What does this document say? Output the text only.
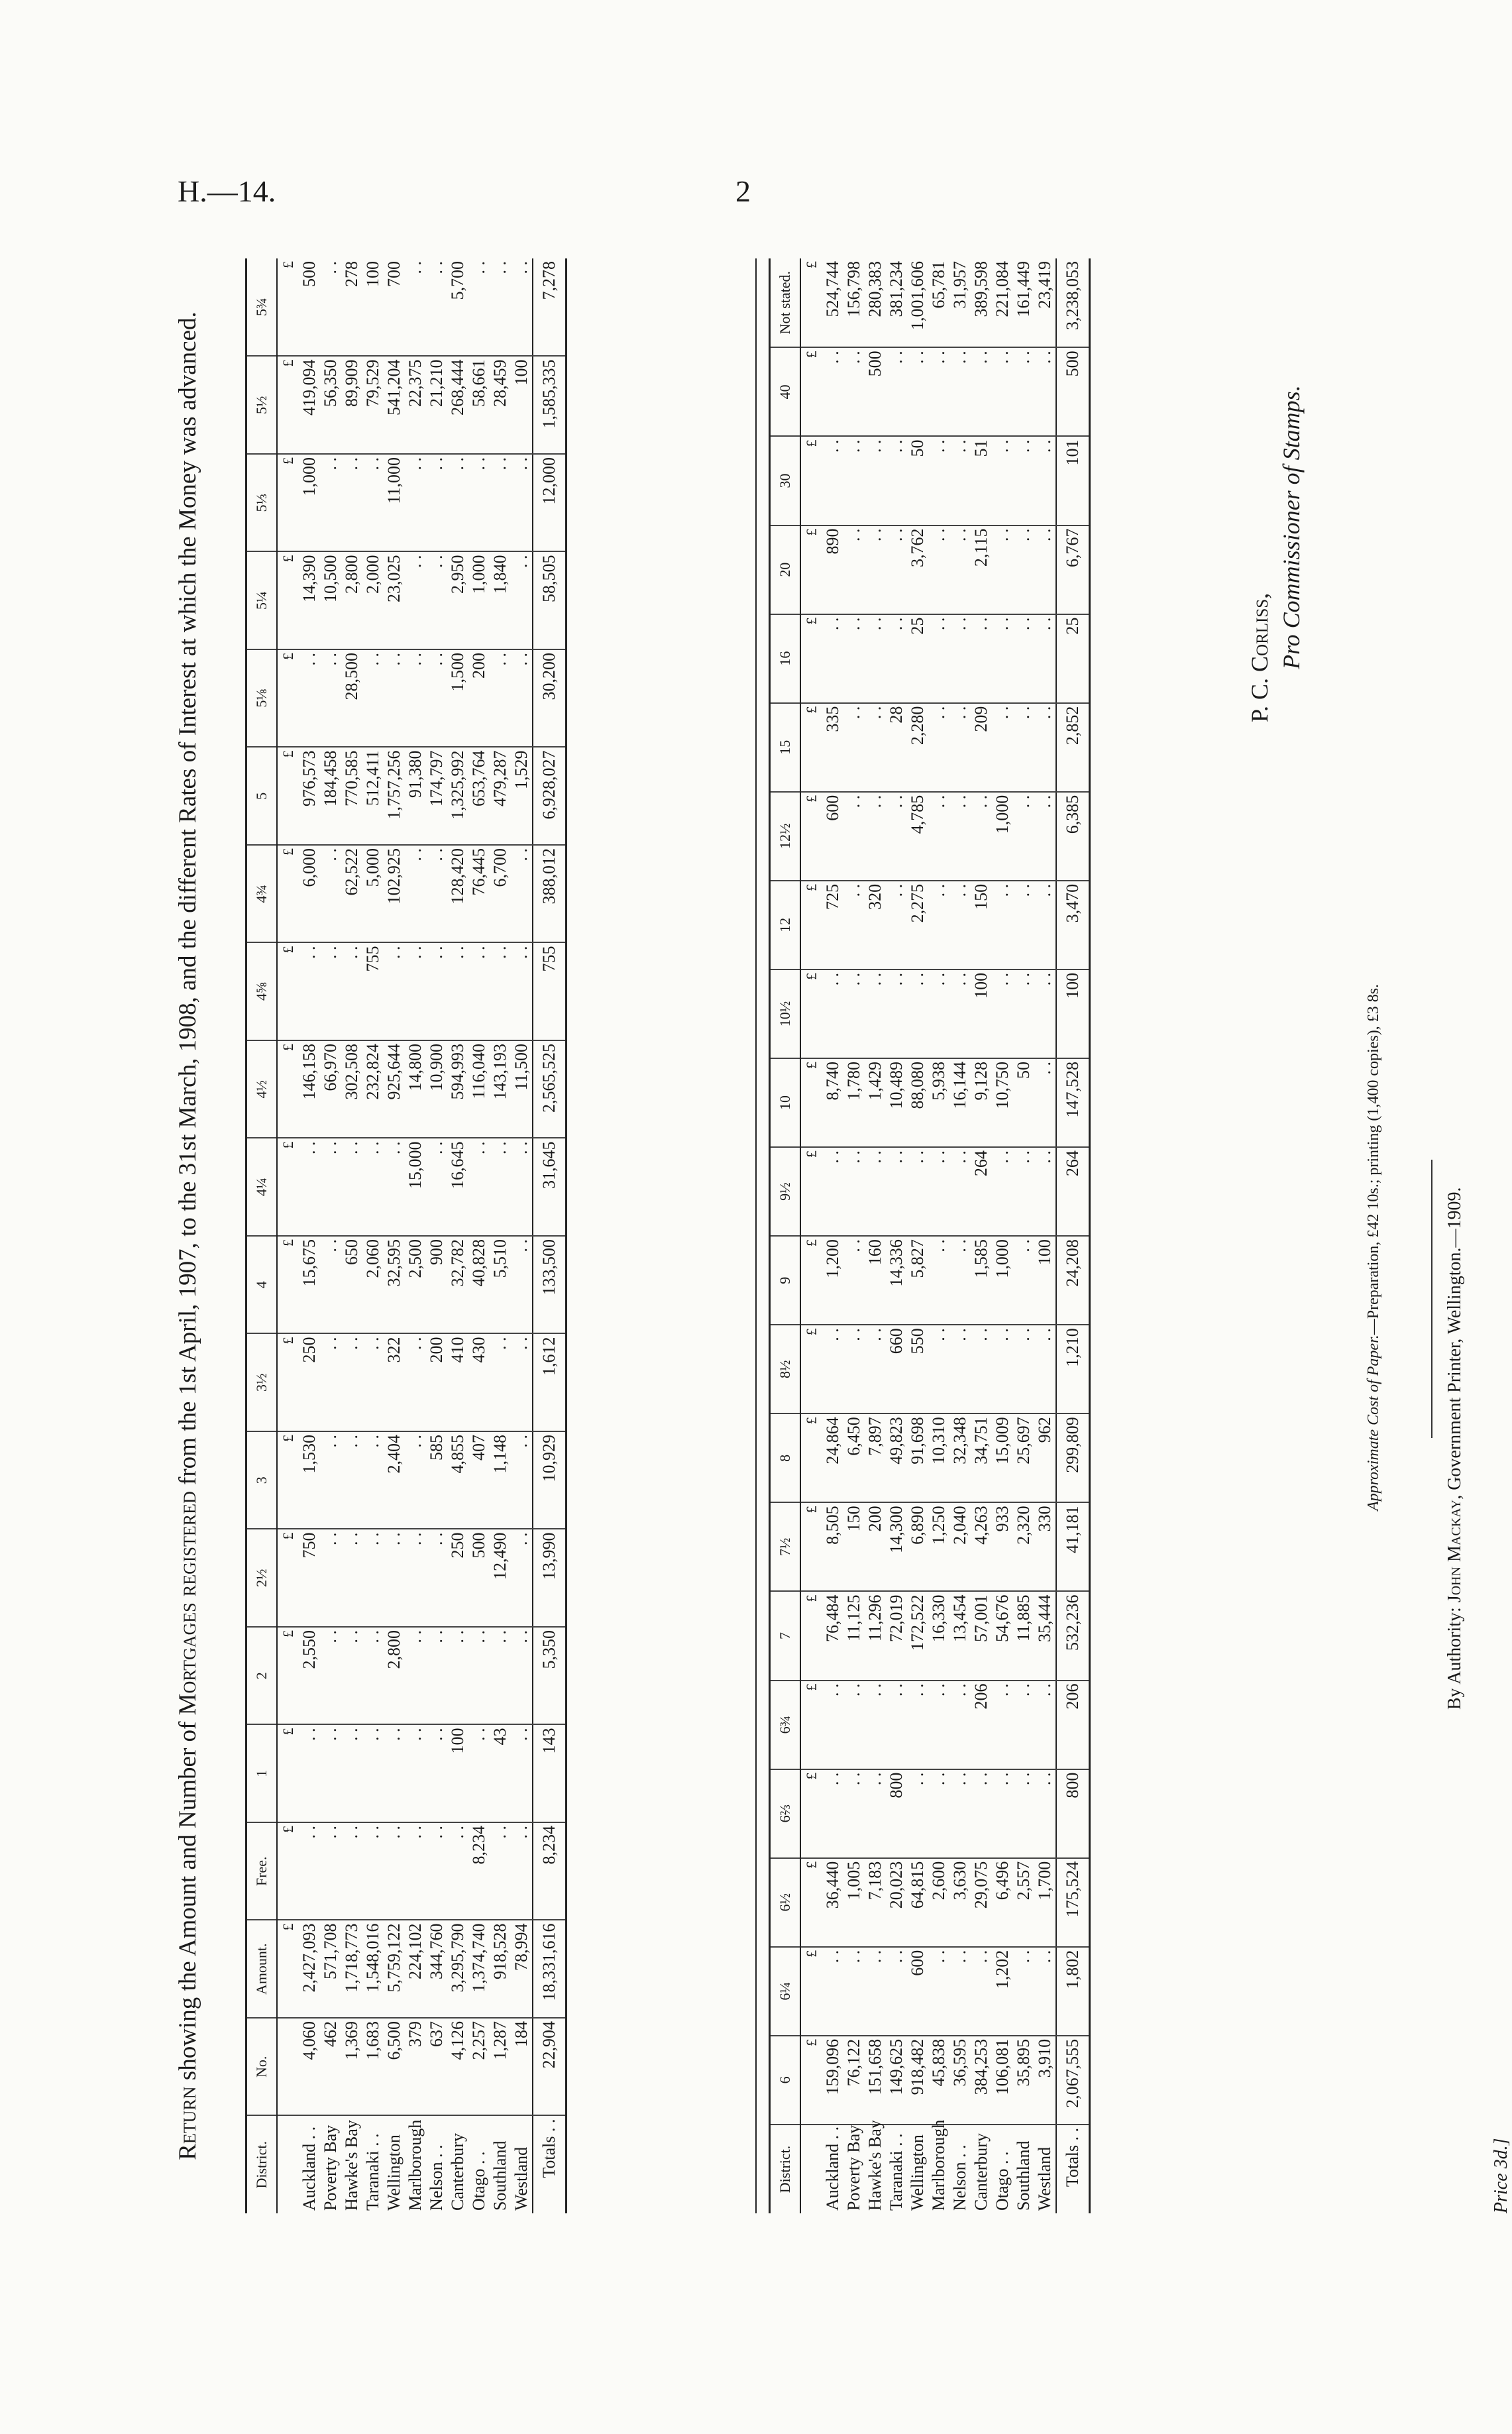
H.—14.	2
Return showing the Amount and Number of Mortgages registered from the 1st April, 1907, to the 31st March, 1908, and the different Rates of Interest at which the Money was advanced.
District.	No.	Amount.	Free.	1	2	2½	3	3½	4	4¼	4½	4⅝	4¾	5	5⅛	5¼	5⅓	5½	5¾
		£	£	£	£	£	£	£	£	£	£	£	£	£	£	£	£	£	£
Auckland . .	4,060	2,427,093	. .	. .	2,550	750	1,530	250	15,675	. .	146,158	. .	6,000	976,573	. .	14,390	1,000	419,094	500
Poverty Bay	462	571,708	. .	. .	. .	. .	. .	. .	. .	. .	66,970	. .	. .	184,458	. .	10,500	. .	56,350	. .
Hawke's Bay	1,369	1,718,773	. .	. .	. .	. .	. .	. .	650	. .	302,508	. .	62,522	770,585	28,500	2,800	. .	89,909	278
Taranaki . .	1,683	1,548,016	. .	. .	. .	. .	. .	. .	2,060	. .	232,824	755	5,000	512,411	. .	2,000	. .	79,529	100
Wellington	6,500	5,759,122	. .	. .	2,800	. .	2,404	322	32,595	. .	925,644	. .	102,925	1,757,256	. .	23,025	11,000	541,204	700
Marlborough	379	224,102	. .	. .	. .	. .	. .	. .	2,500	15,000	14,800	. .	. .	91,380	. .	. .	. .	22,375	. .
Nelson . .	637	344,760	. .	. .	. .	. .	585	200	900	. .	10,900	. .	. .	174,797	. .	. .	. .	21,210	. .
Canterbury	4,126	3,295,790	. .	100	. .	250	4,855	410	32,782	16,645	594,993	. .	128,420	1,325,992	1,500	2,950	. .	268,444	5,700
Otago . .	2,257	1,374,740	8,234	. .	. .	500	407	430	40,828	. .	116,040	. .	76,445	653,764	200	1,000	. .	58,661	. .
Southland	1,287	918,528	. .	43	. .	12,490	1,148	. .	5,510	. .	143,193	. .	6,700	479,287	. .	1,840	. .	28,459	. .
Westland	184	78,994	. .	. .	. .	. .	. .	. .	. .	. .	11,500	. .	. .	1,529	. .	. .	. .	100	. .
Totals . .	22,904	18,331,616	8,234	143	5,350	13,990	10,929	1,612	133,500	31,645	2,565,525	755	388,012	6,928,027	30,200	58,505	12,000	1,585,335	7,278
District.	6	6¼	6½	6⅔	6¾	7	7½	8	8½	9	9½	10	10½	12	12½	15	16	20	30	40	Not stated.
	£	£	£	£	£	£	£	£	£	£	£	£	£	£	£	£	£	£	£	£	£
Auckland . .	159,096	. .	36,440	. .	. .	76,484	8,505	24,864	. .	1,200	. .	8,740	. .	725	600	335	. .	890	. .	. .	524,744
Poverty Bay	76,122	. .	1,005	. .	. .	11,125	150	6,450	. .	. .	. .	1,780	. .	. .	. .	. .	. .	. .	. .	. .	156,798
Hawke's Bay	151,658	. .	7,183	. .	. .	11,296	200	7,897	. .	160	. .	1,429	. .	320	. .	. .	. .	. .	. .	500	280,383
Taranaki . .	149,625	. .	20,023	800	. .	72,019	14,300	49,823	660	14,336	. .	10,489	. .	. .	. .	28	. .	. .	. .	. .	381,234
Wellington	918,482	600	64,815	. .	. .	172,522	6,890	91,698	550	5,827	. .	88,080	. .	2,275	4,785	2,280	25	3,762	50	. .	1,001,606
Marlborough	45,838	. .	2,600	. .	. .	16,330	1,250	10,310	. .	. .	. .	5,938	. .	. .	. .	. .	. .	. .	. .	. .	65,781
Nelson . .	36,595	. .	3,630	. .	. .	13,454	2,040	32,348	. .	. .	. .	16,144	. .	. .	. .	. .	. .	. .	. .	. .	31,957
Canterbury	384,253	. .	29,075	. .	206	57,001	4,263	34,751	. .	1,585	264	9,128	100	150	. .	209	. .	2,115	51	. .	389,598
Otago . .	106,081	1,202	6,496	. .	. .	54,676	933	15,009	. .	1,000	. .	10,750	. .	. .	1,000	. .	. .	. .	. .	. .	221,084
Southland	35,895	. .	2,557	. .	. .	11,885	2,320	25,697	. .	. .	. .	50	. .	. .	. .	. .	. .	. .	. .	. .	161,449
Westland	3,910	. .	1,700	. .	. .	35,444	330	962	. .	100	. .	. .	. .	. .	. .	. .	. .	. .	. .	. .	23,419
Totals . .	2,067,555	1,802	175,524	800	206	532,236	41,181	299,809	1,210	24,208	264	147,528	100	3,470	6,385	2,852	25	6,767	101	500	3,238,053
P. C. Corliss, Pro Commissioner of Stamps.
Approximate Cost of Paper.—Preparation, £42 10s.; printing (1,400 copies), £3 8s.
By Authority: John Mackay, Government Printer, Wellington.—1909.
Price 3d.]
